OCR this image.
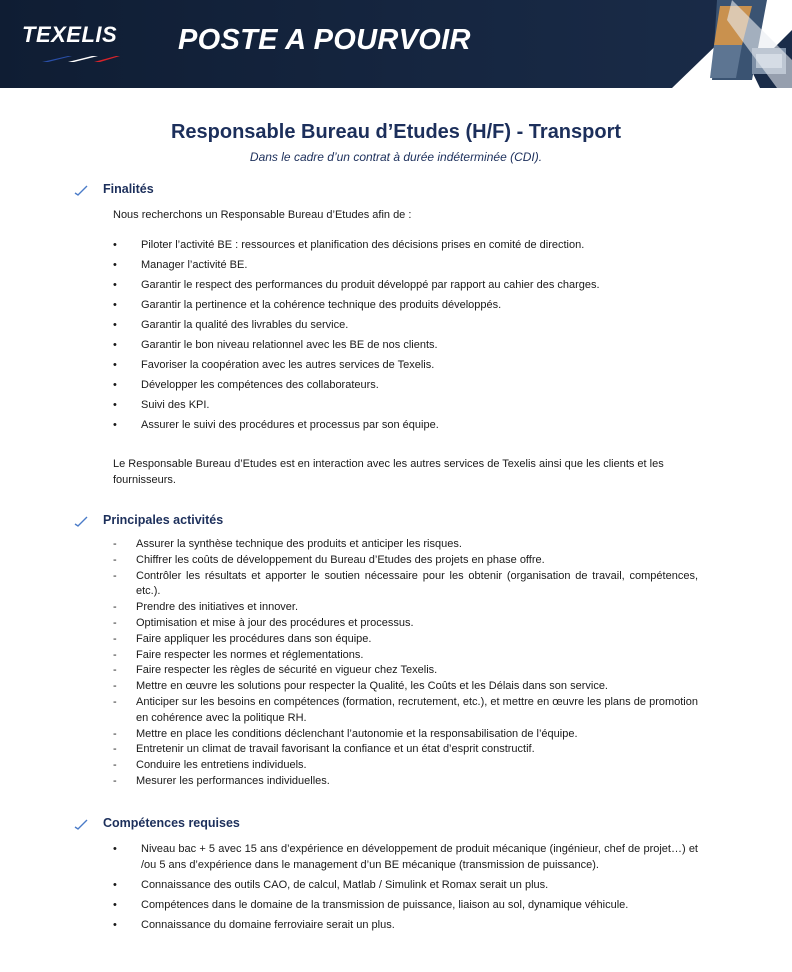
TEXELIS POSTE A POURVOIR
Responsable Bureau d’Etudes (H/F) - Transport
Dans le cadre d’un contrat à durée indéterminée (CDI).
Finalités
Nous recherchons un Responsable Bureau d’Etudes afin de :
• Piloter l’activité BE : ressources et planification des décisions prises en comité de direction.
• Manager l’activité BE.
• Garantir le respect des performances du produit développé par rapport au cahier des charges.
• Garantir la pertinence et la cohérence technique des produits développés.
• Garantir la qualité des livrables du service.
• Garantir le bon niveau relationnel avec les BE de nos clients.
• Favoriser la coopération avec les autres services de Texelis.
• Développer les compétences des collaborateurs.
• Suivi des KPI.
• Assurer le suivi des procédures et processus par son équipe.
Le Responsable Bureau d’Etudes est en interaction avec les autres services de Texelis ainsi que les clients et les fournisseurs.
Principales activités
- Assurer la synthèse technique des produits et anticiper les risques.
- Chiffrer les coûts de développement du Bureau d’Etudes des projets en phase offre.
- Contrôler les résultats et apporter le soutien nécessaire pour les obtenir (organisation de travail, compétences, etc.).
- Prendre des initiatives et innover.
- Optimisation et mise à jour des procédures et processus.
- Faire appliquer les procédures dans son équipe.
- Faire respecter les normes et réglementations.
- Faire respecter les règles de sécurité en vigueur chez Texelis.
- Mettre en œuvre les solutions pour respecter la Qualité, les Coûts et les Délais dans son service.
- Anticiper sur les besoins en compétences (formation, recrutement, etc.), et mettre en œuvre les plans de promotion en cohérence avec la politique RH.
- Mettre en place les conditions déclenchant l’autonomie et la responsabilisation de l’équipe.
- Entretenir un climat de travail favorisant la confiance et un état d’esprit constructif.
- Conduire les entretiens individuels.
- Mesurer les performances individuelles.
Compétences requises
• Niveau bac + 5 avec 15 ans d’expérience en développement de produit mécanique (ingénieur, chef de projet…) et /ou 5 ans d’expérience dans le management d’un BE mécanique (transmission de puissance).
• Connaissance des outils CAO, de calcul, Matlab / Simulink et Romax serait un plus.
• Compétences dans le domaine de la transmission de puissance, liaison au sol, dynamique véhicule.
• Connaissance du domaine ferroviaire serait un plus.
